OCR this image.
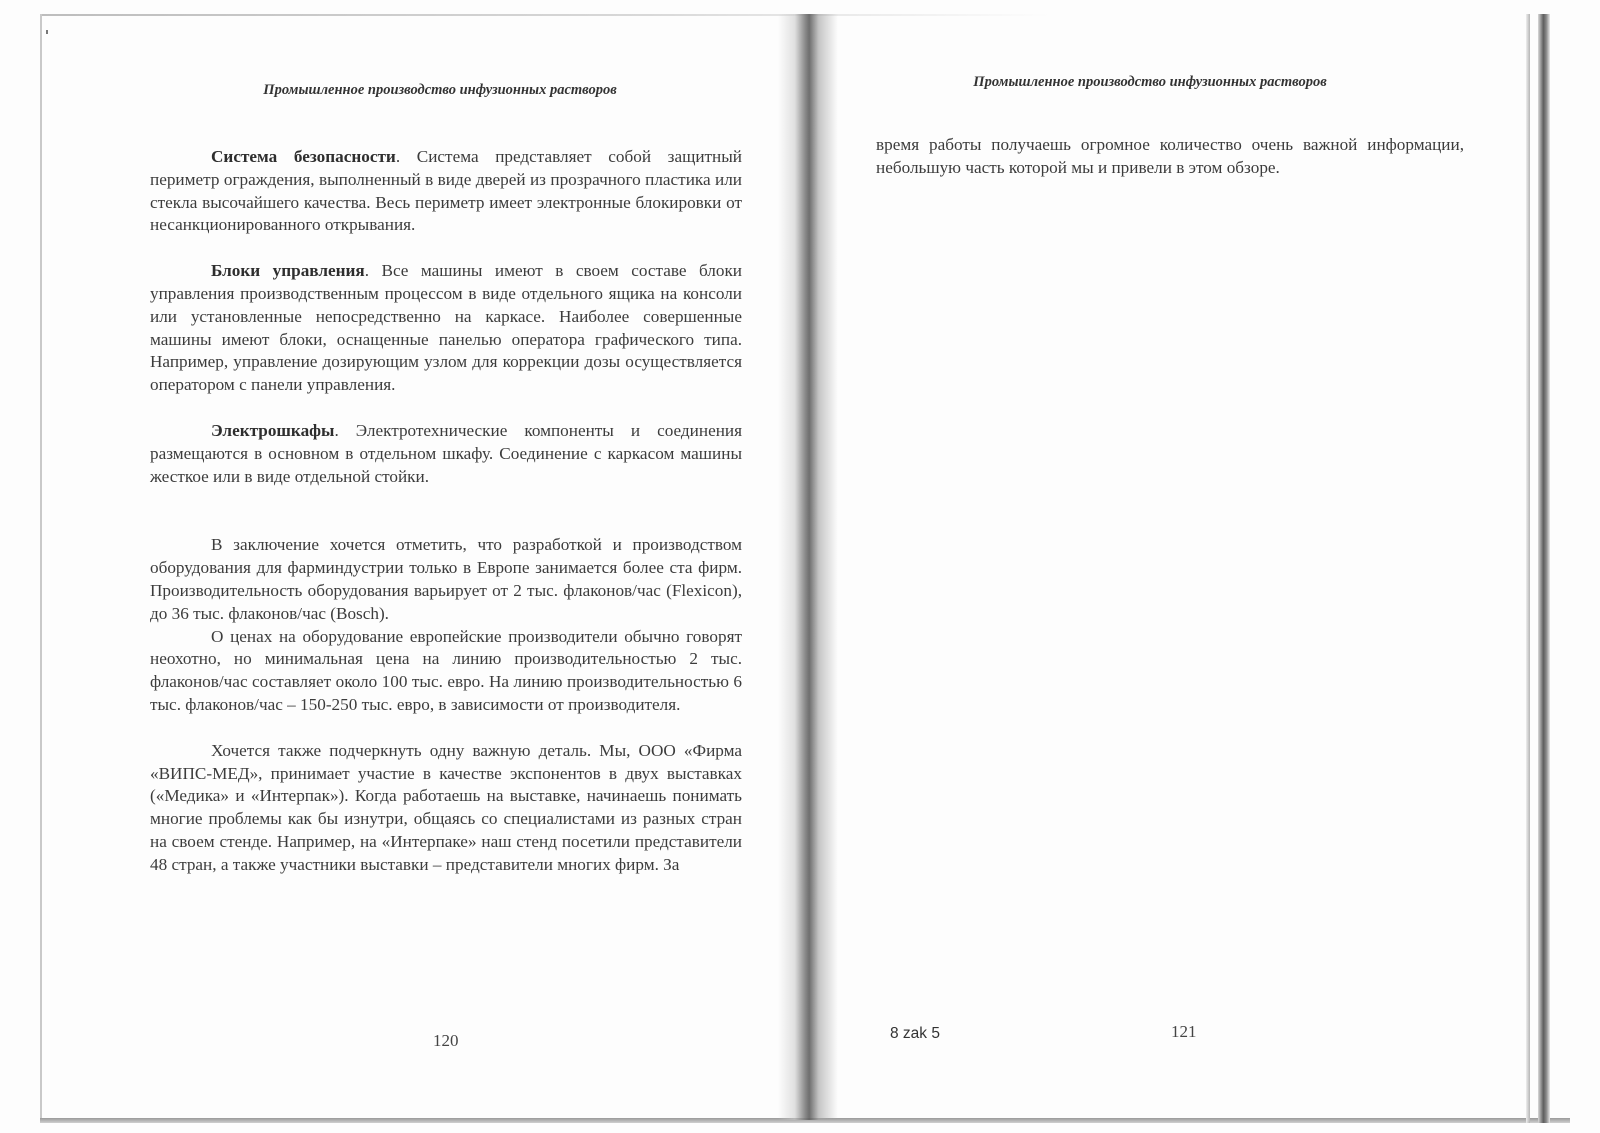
Промышленное производство инфузионных растворов

Система безопасности. Система представляет собой защитный периметр ограждения, выполненный в виде дверей из прозрачного пластика или стекла высочайшего качества. Весь периметр имеет электронные блокировки от несанкционированного открывания.

Блоки управления. Все машины имеют в своем составе блоки управления производственным процессом в виде отдельного ящика на консоли или установленные непосредственно на каркасе. Наиболее совершенные машины имеют блоки, оснащенные панелью оператора графического типа. Например, управление дозирующим узлом для коррекции дозы осуществляется оператором с панели управления.

Электрошкафы. Электротехнические компоненты и соединения размещаются в основном в отдельном шкафу. Соединение с каркасом машины жесткое или в виде отдельной стойки.

В заключение хочется отметить, что разработкой и производством оборудования для фарминдустрии только в Европе занимается более ста фирм. Производительность оборудования варьирует от 2 тыс. флаконов/час (Flexicon), до 36 тыс. флаконов/час (Bosch).

О ценах на оборудование европейские производители обычно говорят неохотно, но минимальная цена на линию производительностью 2 тыс. флаконов/час составляет около 100 тыс. евро. На линию производительностью 6 тыс. флаконов/час – 150-250 тыс. евро, в зависимости от производителя.

Хочется также подчеркнуть одну важную деталь. Мы, ООО «Фирма «ВИПС-МЕД», принимает участие в качестве экспонентов в двух выставках («Медика» и «Интерпак»). Когда работаешь на выставке, начинаешь понимать многие проблемы как бы изнутри, общаясь со специалистами из разных стран на своем стенде. Например, на «Интерпаке» наш стенд посетили представители 48 стран, а также участники выставки – представители многих фирм. За

120
Промышленное производство инфузионных растворов

время работы получаешь огромное количество очень важной информации, небольшую часть которой мы и привели в этом обзоре.

8 zak 5	121
